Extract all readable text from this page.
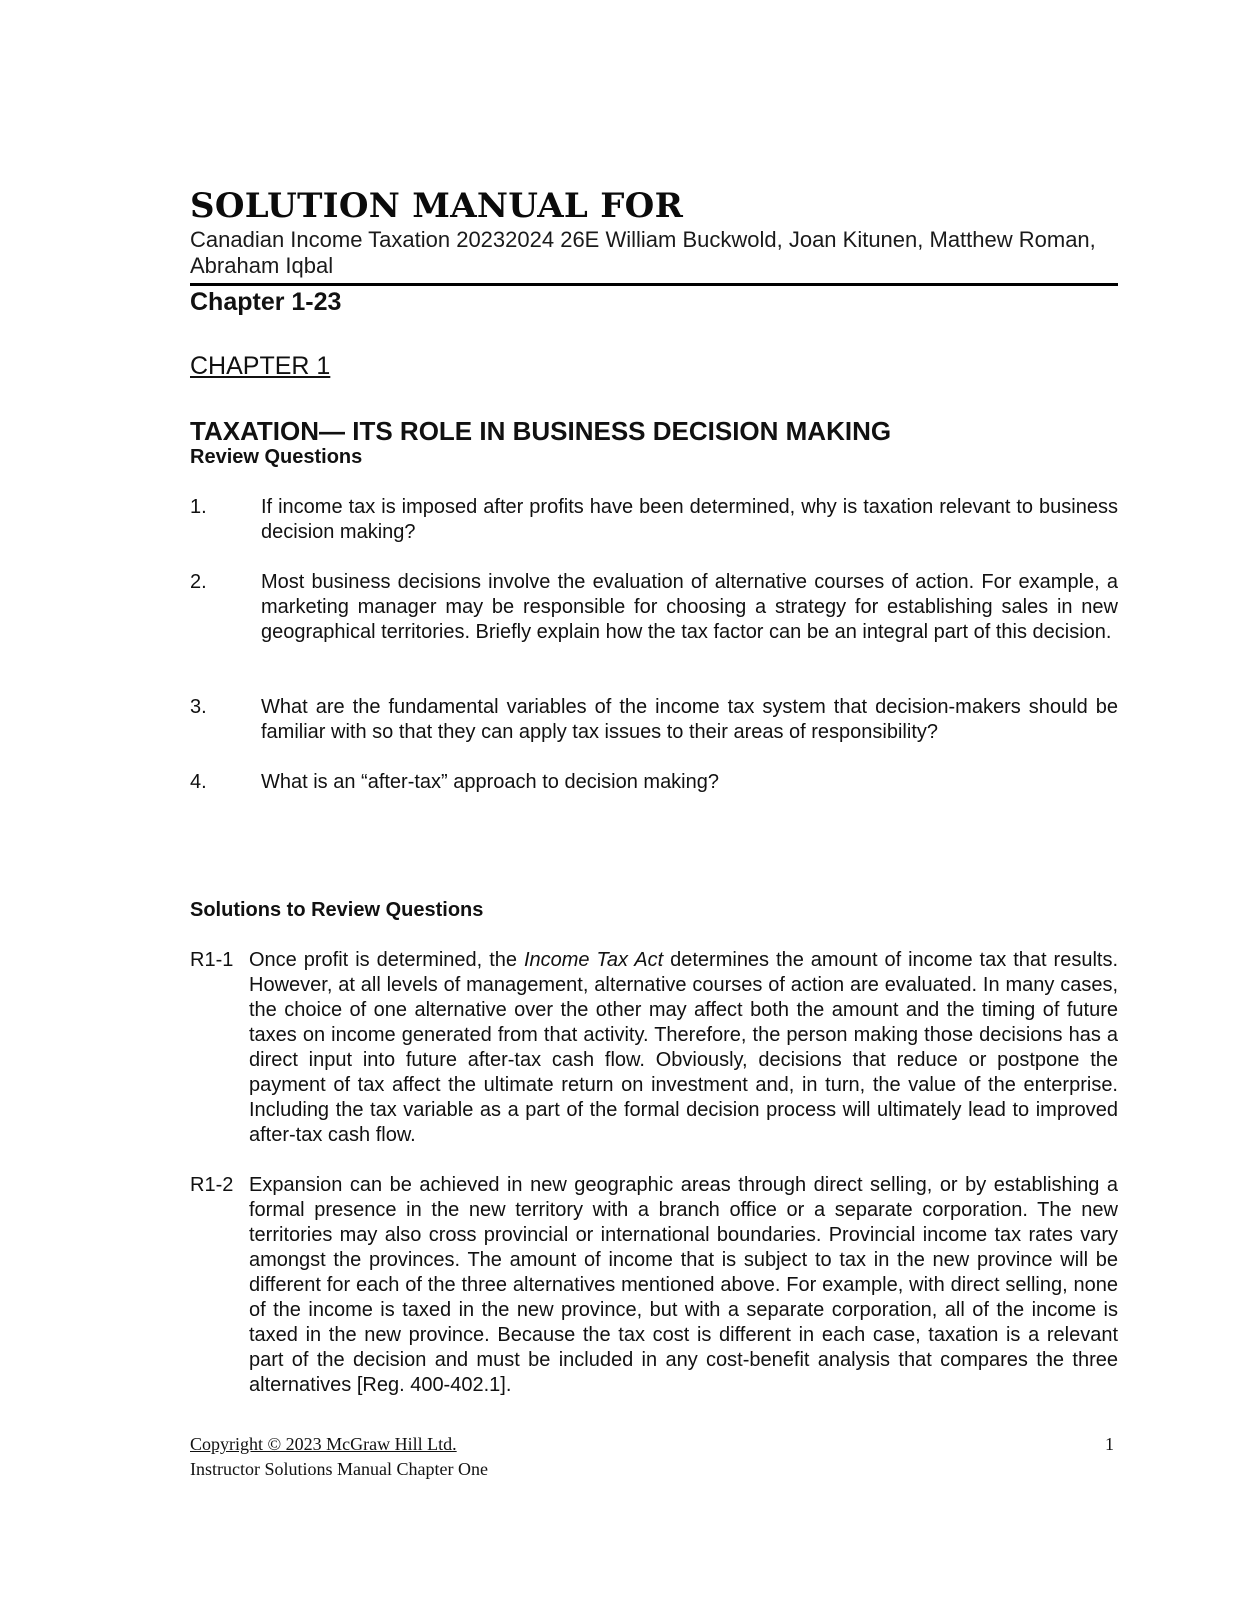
SOLUTION MANUAL FOR
Canadian Income Taxation 20232024 26E William Buckwold, Joan Kitunen, Matthew Roman, Abraham Iqbal
Chapter 1-23
CHAPTER 1
TAXATION— ITS ROLE IN BUSINESS DECISION MAKING
Review Questions
1.	If income tax is imposed after profits have been determined, why is taxation relevant to business decision making?
2.	Most business decisions involve the evaluation of alternative courses of action. For example, a marketing manager may be responsible for choosing a strategy for establishing sales in new geographical territories. Briefly explain how the tax factor can be an integral part of this decision.
3.	What are the fundamental variables of the income tax system that decision-makers should be familiar with so that they can apply tax issues to their areas of responsibility?
4.	What is an “after-tax” approach to decision making?
Solutions to Review Questions
R1-1 Once profit is determined, the Income Tax Act determines the amount of income tax that results. However, at all levels of management, alternative courses of action are evaluated. In many cases, the choice of one alternative over the other may affect both the amount and the timing of future taxes on income generated from that activity. Therefore, the person making those decisions has a direct input into future after-tax cash flow. Obviously, decisions that reduce or postpone the payment of tax affect the ultimate return on investment and, in turn, the value of the enterprise. Including the tax variable as a part of the formal decision process will ultimately lead to improved after-tax cash flow.
R1-2 Expansion can be achieved in new geographic areas through direct selling, or by establishing a formal presence in the new territory with a branch office or a separate corporation. The new territories may also cross provincial or international boundaries. Provincial income tax rates vary amongst the provinces. The amount of income that is subject to tax in the new province will be different for each of the three alternatives mentioned above. For example, with direct selling, none of the income is taxed in the new province, but with a separate corporation, all of the income is taxed in the new province. Because the tax cost is different in each case, taxation is a relevant part of the decision and must be included in any cost-benefit analysis that compares the three alternatives [Reg. 400-402.1].
Copyright © 2023 McGraw Hill Ltd.
Instructor Solutions Manual Chapter One
1
